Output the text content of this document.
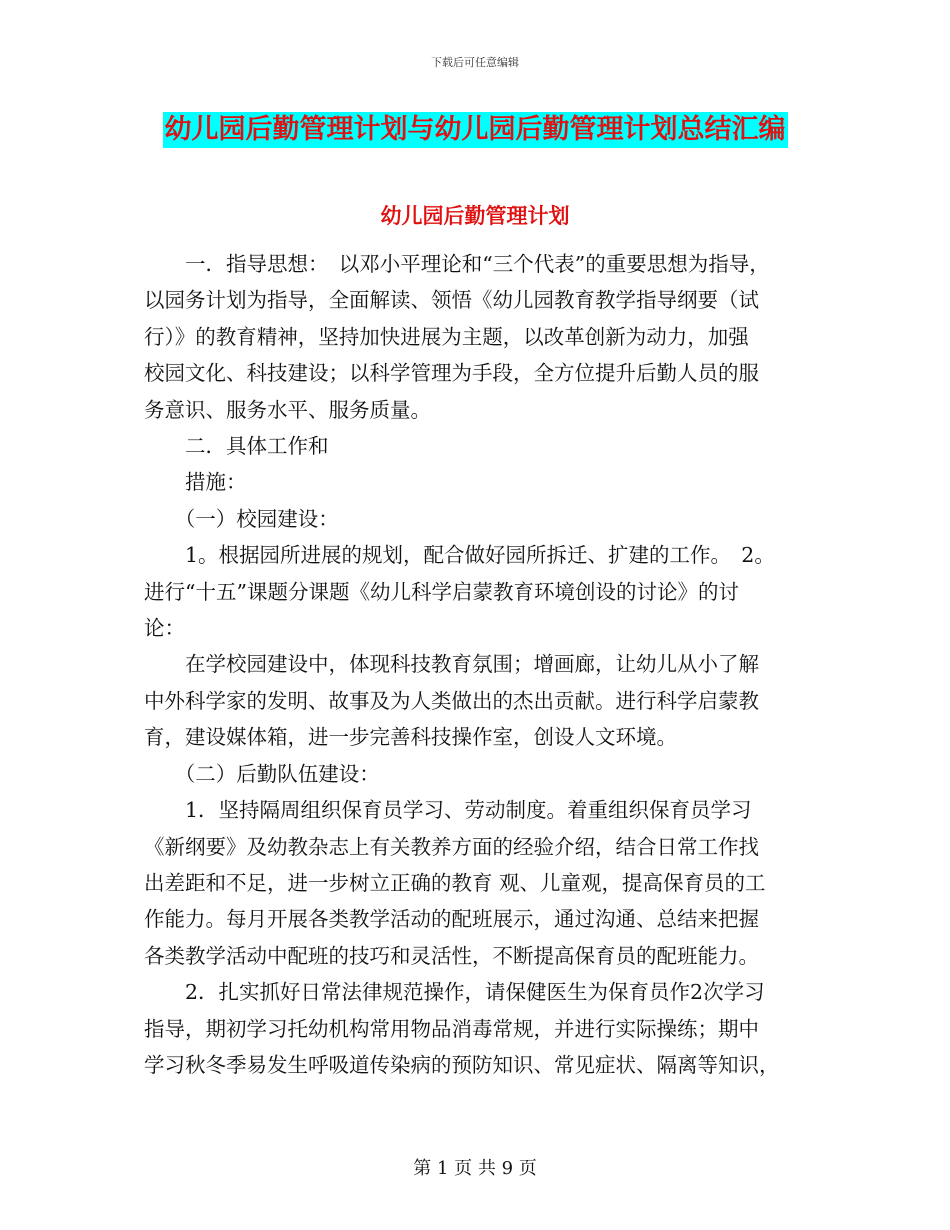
下载后可任意编辑
幼儿园后勤管理计划与幼儿园后勤管理计划总结汇编
幼儿园后勤管理计划

　　一．指导思想：　以邓小平理论和“三个代表”的重要思想为指导，

以园务计划为指导，全面解读、领悟《幼儿园教育教学指导纲要（试

行）》的教育精神，坚持加快进展为主题，以改革创新为动力，加强

校园文化、科技建设；以科学管理为手段，全方位提升后勤人员的服

务意识、服务水平、服务质量。

　　二．具体工作和

　　措施：

　　（一）校园建设：

　　1。根据园所进展的规划，配合做好园所拆迁、扩建的工作。　2。

进行“十五”课题分课题《幼儿科学启蒙教育环境创设的讨论》的讨

论：

　　在学校园建设中，体现科技教育氛围；增画廊，让幼儿从小了解

中外科学家的发明、故事及为人类做出的杰出贡献。进行科学启蒙教

育，建设媒体箱，进一步完善科技操作室，创设人文环境。

　　（二）后勤队伍建设：

　　1．坚持隔周组织保育员学习、劳动制度。着重组织保育员学习

《新纲要》及幼教杂志上有关教养方面的经验介绍，结合日常工作找

出差距和不足，进一步树立正确的教育 观、儿童观，提高保育员的工

作能力。每月开展各类教学活动的配班展示，通过沟通、总结来把握

各类教学活动中配班的技巧和灵活性，不断提高保育员的配班能力。

　　2．扎实抓好日常法律规范操作，请保健医生为保育员作2次学习

指导，期初学习托幼机构常用物品消毒常规，并进行实际操练；期中

学习秋冬季易发生呼吸道传染病的预防知识、常见症状、隔离等知识，

第 1 页 共 9 页
